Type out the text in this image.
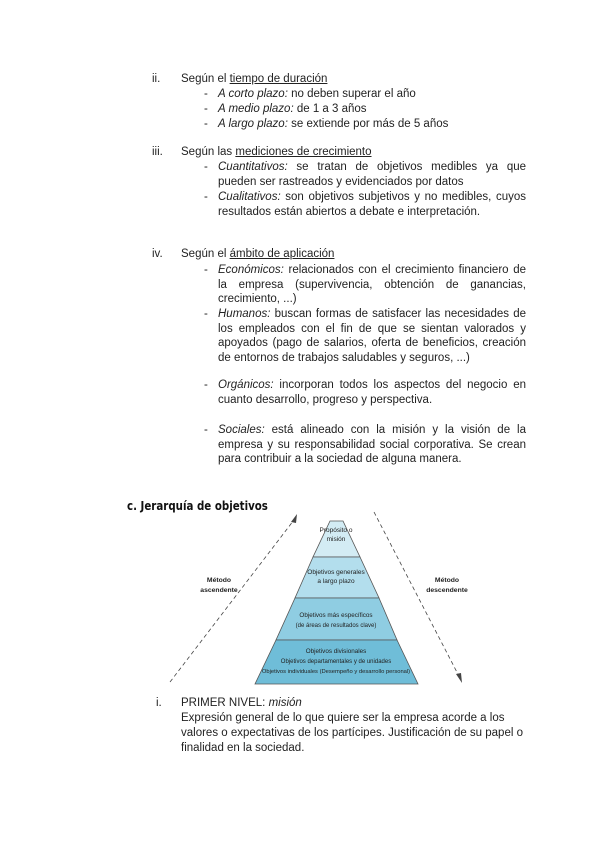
ii. Según el tiempo de duración
- A corto plazo: no deben superar el año
- A medio plazo: de 1 a 3 años
- A largo plazo: se extiende por más de 5 años
iii. Según las mediciones de crecimiento
- Cuantitativos: se tratan de objetivos medibles ya que pueden ser rastreados y evidenciados por datos
- Cualitativos: son objetivos subjetivos y no medibles, cuyos resultados están abiertos a debate e interpretación.
iv. Según el ámbito de aplicación
- Económicos: relacionados con el crecimiento financiero de la empresa (supervivencia, obtención de ganancias, crecimiento, ...)
- Humanos: buscan formas de satisfacer las necesidades de los empleados con el fin de que se sientan valorados y apoyados (pago de salarios, oferta de beneficios, creación de entornos de trabajos saludables y seguros, ...)
- Orgánicos: incorporan todos los aspectos del negocio en cuanto desarrollo, progreso y perspectiva.
- Sociales: está alineado con la misión y la visión de la empresa y su responsabilidad social corporativa. Se crean para contribuir a la sociedad de alguna manera.
c. Jerarquía de objetivos
Propósito o
misión
Objetivos generales
a largo plazo
Objetivos más específicos
(de áreas de resultados clave)
Objetivos divisionales
Objetivos departamentales y de unidades
Objetivos individuales (Desempeño y desarrollo personal)
Método
ascendente
Método
descendente
i. PRIMER NIVEL: misión
Expresión general de lo que quiere ser la empresa acorde a los valores o expectativas de los partícipes. Justificación de su papel o finalidad en la sociedad.
